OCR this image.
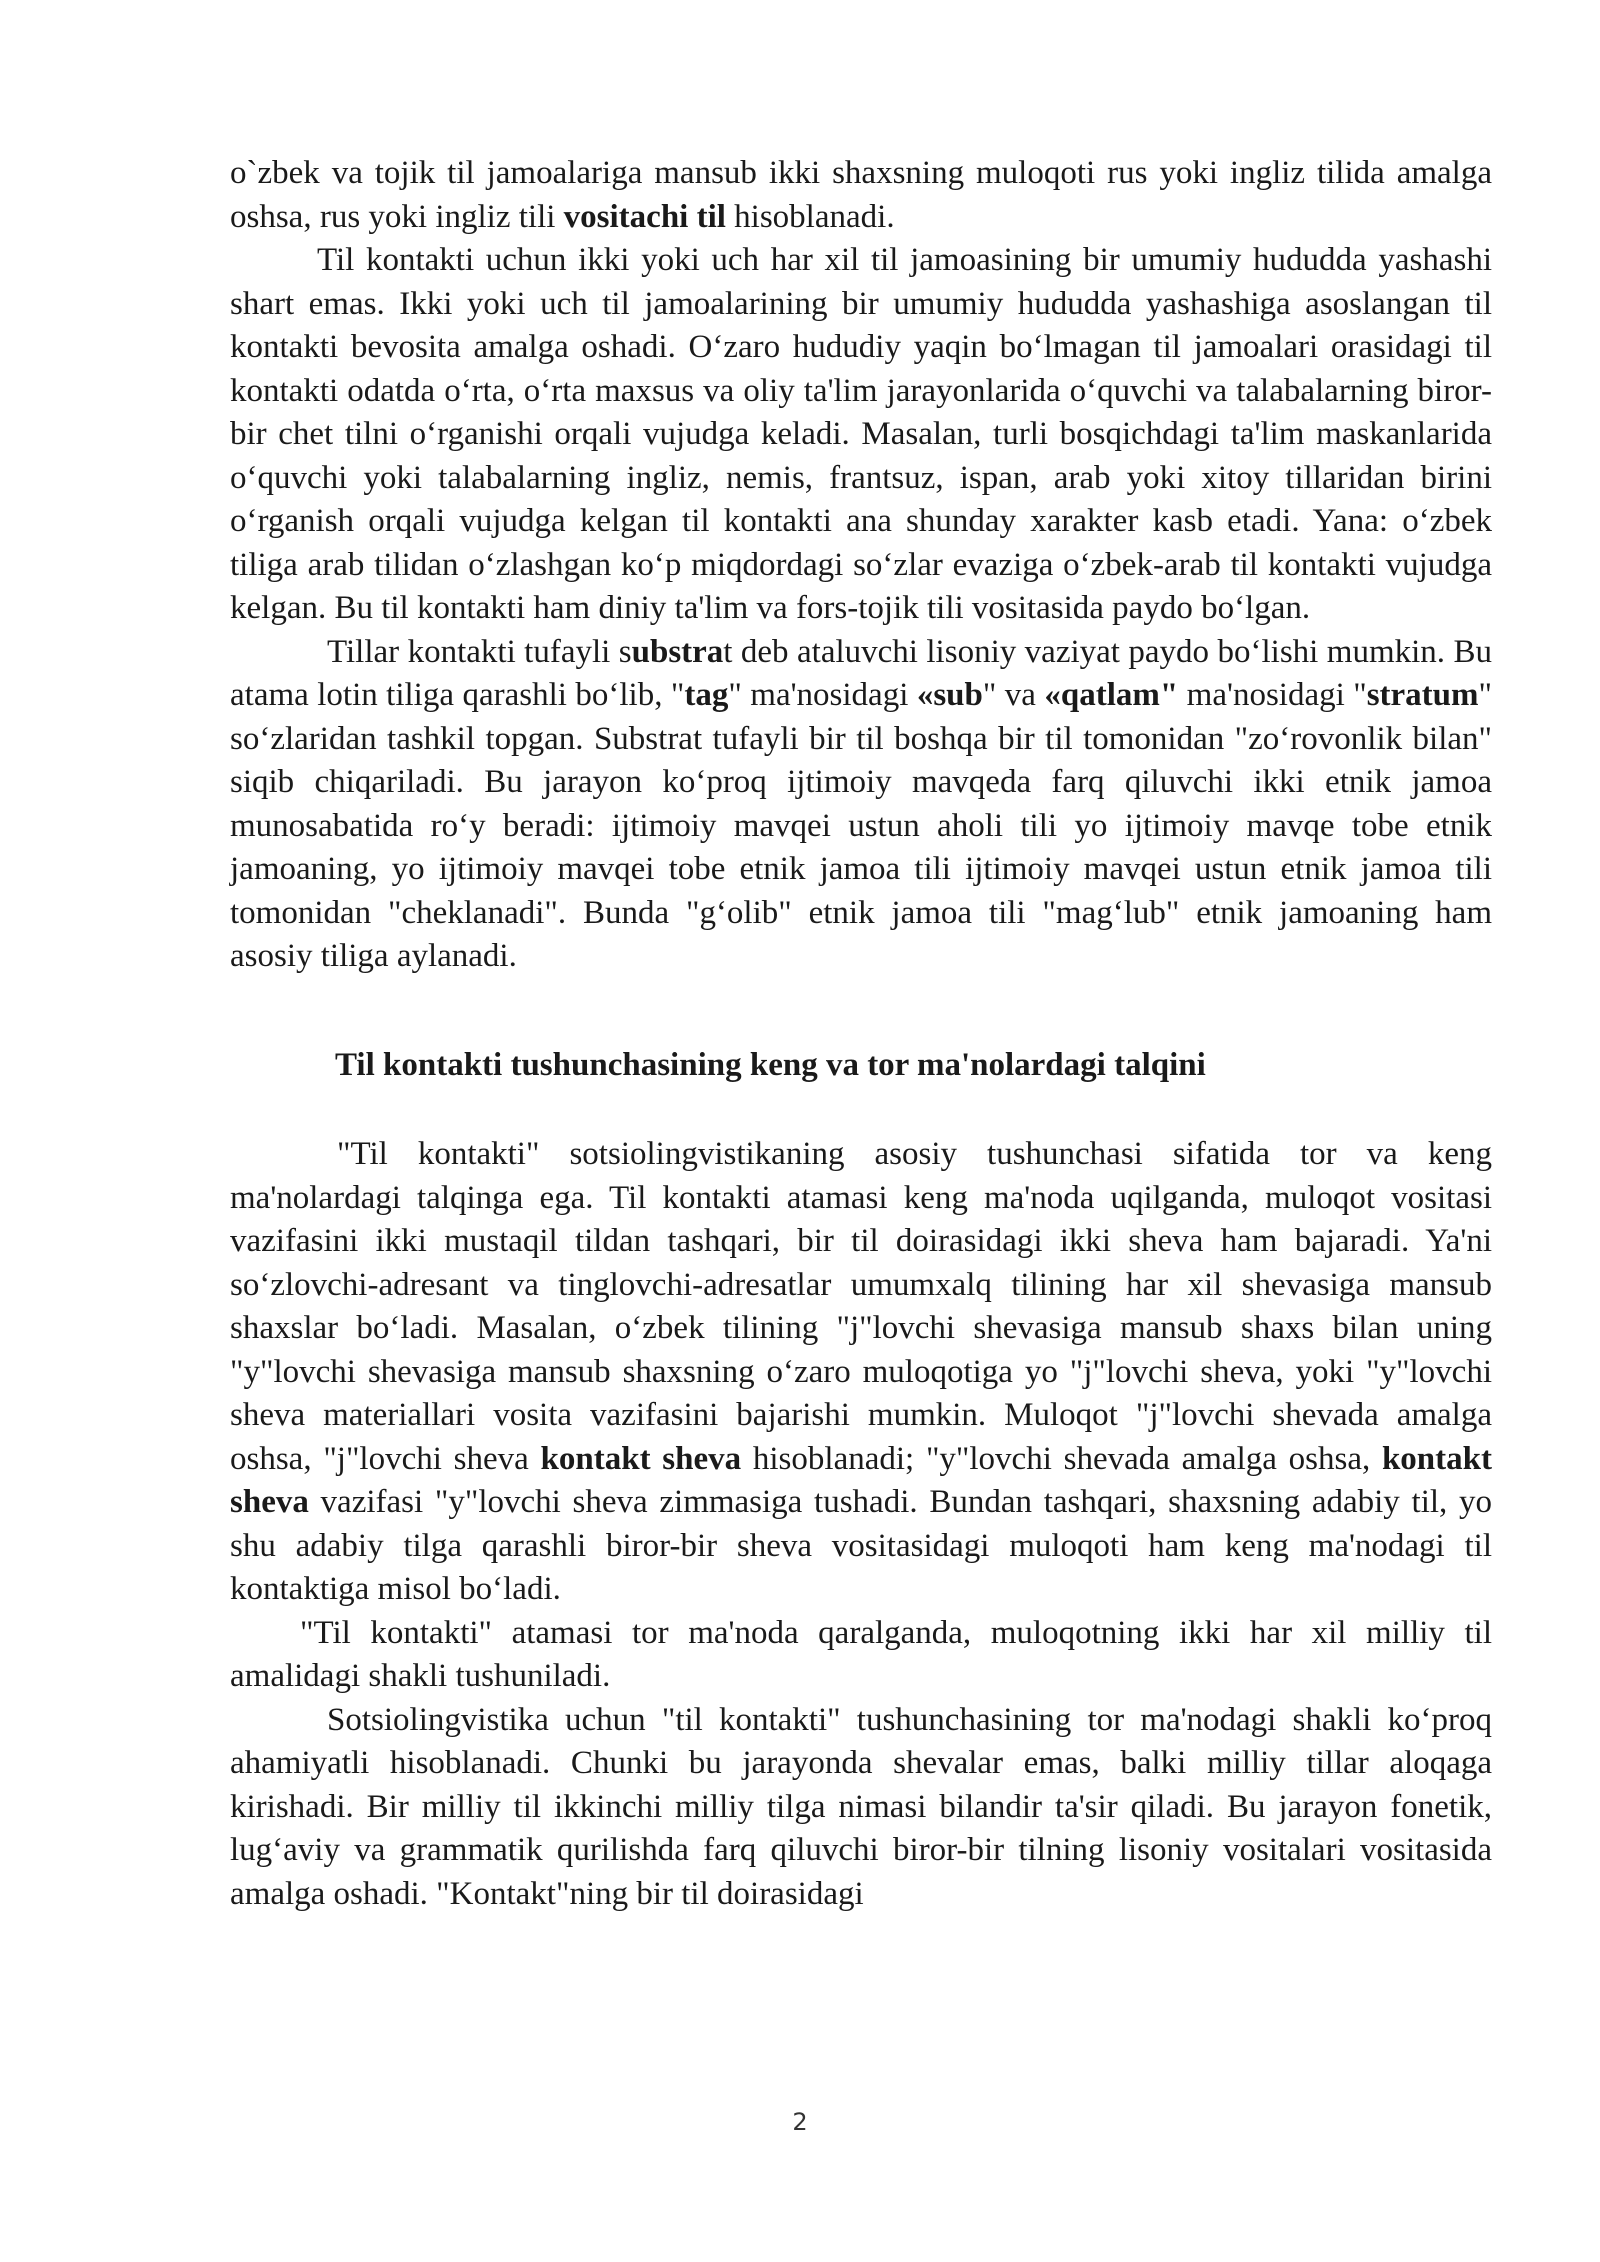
o`zbek va tojik til jamoalariga mansub ikki shaxsning muloqoti rus yoki ingliz tilida amalga oshsa, rus yoki ingliz tili vositachi til hisoblanadi.

Til kontakti uchun ikki yoki uch har xil til jamoasining bir umumiy hududda yashashi shart emas. Ikki yoki uch til jamoalarining bir umumiy hududda yashashiga asoslangan til kontakti bevosita amalga oshadi. O‘zaro hududiy yaqin bo‘lmagan til jamoalari orasidagi til kontakti odatda o‘rta, o‘rta maxsus va oliy ta'lim jarayonlarida o‘quvchi va talabalarning biror-bir chet tilni o‘rganishi orqali vujudga keladi. Masalan, turli bosqichdagi ta'lim maskanlarida o‘quvchi yoki talabalarning ingliz, nemis, frantsuz, ispan, arab yoki xitoy tillaridan birini o‘rganish orqali vujudga kelgan til kontakti ana shunday xarakter kasb etadi. Yana: o‘zbek tiliga arab tilidan o‘zlashgan ko‘p miqdordagi so‘zlar evaziga o‘zbek-arab til kontakti vujudga kelgan. Bu til kontakti ham diniy ta'lim va fors-tojik tili vositasida paydo bo‘lgan.

Tillar kontakti tufayli substrat deb ataluvchi lisoniy vaziyat paydo bo‘lishi mumkin. Bu atama lotin tiliga qarashli bo‘lib, "tag" ma'nosidagi «sub" va «qatlam" ma'nosidagi "stratum" so‘zlaridan tashkil topgan. Substrat tufayli bir til boshqa bir til tomonidan "zo‘rovonlik bilan" siqib chiqariladi. Bu jarayon ko‘proq ijtimoiy mavqeda farq qiluvchi ikki etnik jamoa munosabatida ro‘y beradi: ijtimoiy mavqei ustun aholi tili yo ijtimoiy mavqe tobe etnik jamoaning, yo ijtimoiy mavqei tobe etnik jamoa tili ijtimoiy mavqei ustun etnik jamoa tili tomonidan "cheklanadi". Bunda "g‘olib" etnik jamoa tili "mag‘lub" etnik jamoaning ham asosiy tiliga aylanadi.

Til kontakti tushunchasining keng va tor ma'nolardagi talqini

"Til kontakti" sotsiolingvistikaning asosiy tushunchasi sifatida tor va keng ma'nolardagi talqinga ega. Til kontakti atamasi keng ma'noda uqilganda, muloqot vositasi vazifasini ikki mustaqil tildan tashqari, bir til doirasidagi ikki sheva ham bajaradi. Ya'ni so‘zlovchi-adresant va tinglovchi-adresatlar umumxalq tilining har xil shevasiga mansub shaxslar bo‘ladi. Masalan, o‘zbek tilining "j"lovchi shevasiga mansub shaxs bilan uning "y"lovchi shevasiga mansub shaxsning o‘zaro muloqotiga yo "j"lovchi sheva, yoki "y"lovchi sheva materiallari vosita vazifasini bajarishi mumkin. Muloqot "j"lovchi shevada amalga oshsa, "j"lovchi sheva kontakt sheva hisoblanadi; "y"lovchi shevada amalga oshsa, kontakt sheva vazifasi "y"lovchi sheva zimmasiga tushadi. Bundan tashqari, shaxsning adabiy til, yo shu adabiy tilga qarashli biror-bir sheva vositasidagi muloqoti ham keng ma'nodagi til kontaktiga misol bo‘ladi.

"Til kontakti" atamasi tor ma'noda qaralganda, muloqotning ikki har xil milliy til amalidagi shakli tushuniladi.

Sotsiolingvistika uchun "til kontakti" tushunchasining tor ma'nodagi shakli ko‘proq ahamiyatli hisoblanadi. Chunki bu jarayonda shevalar emas, balki milliy tillar aloqaga kirishadi. Bir milliy til ikkinchi milliy tilga nimasi bilandir ta'sir qiladi. Bu jarayon fonetik, lug‘aviy va grammatik qurilishda farq qiluvchi biror-bir tilning lisoniy vositalari vositasida amalga oshadi. "Kontakt"ning bir til doirasidagi

2
